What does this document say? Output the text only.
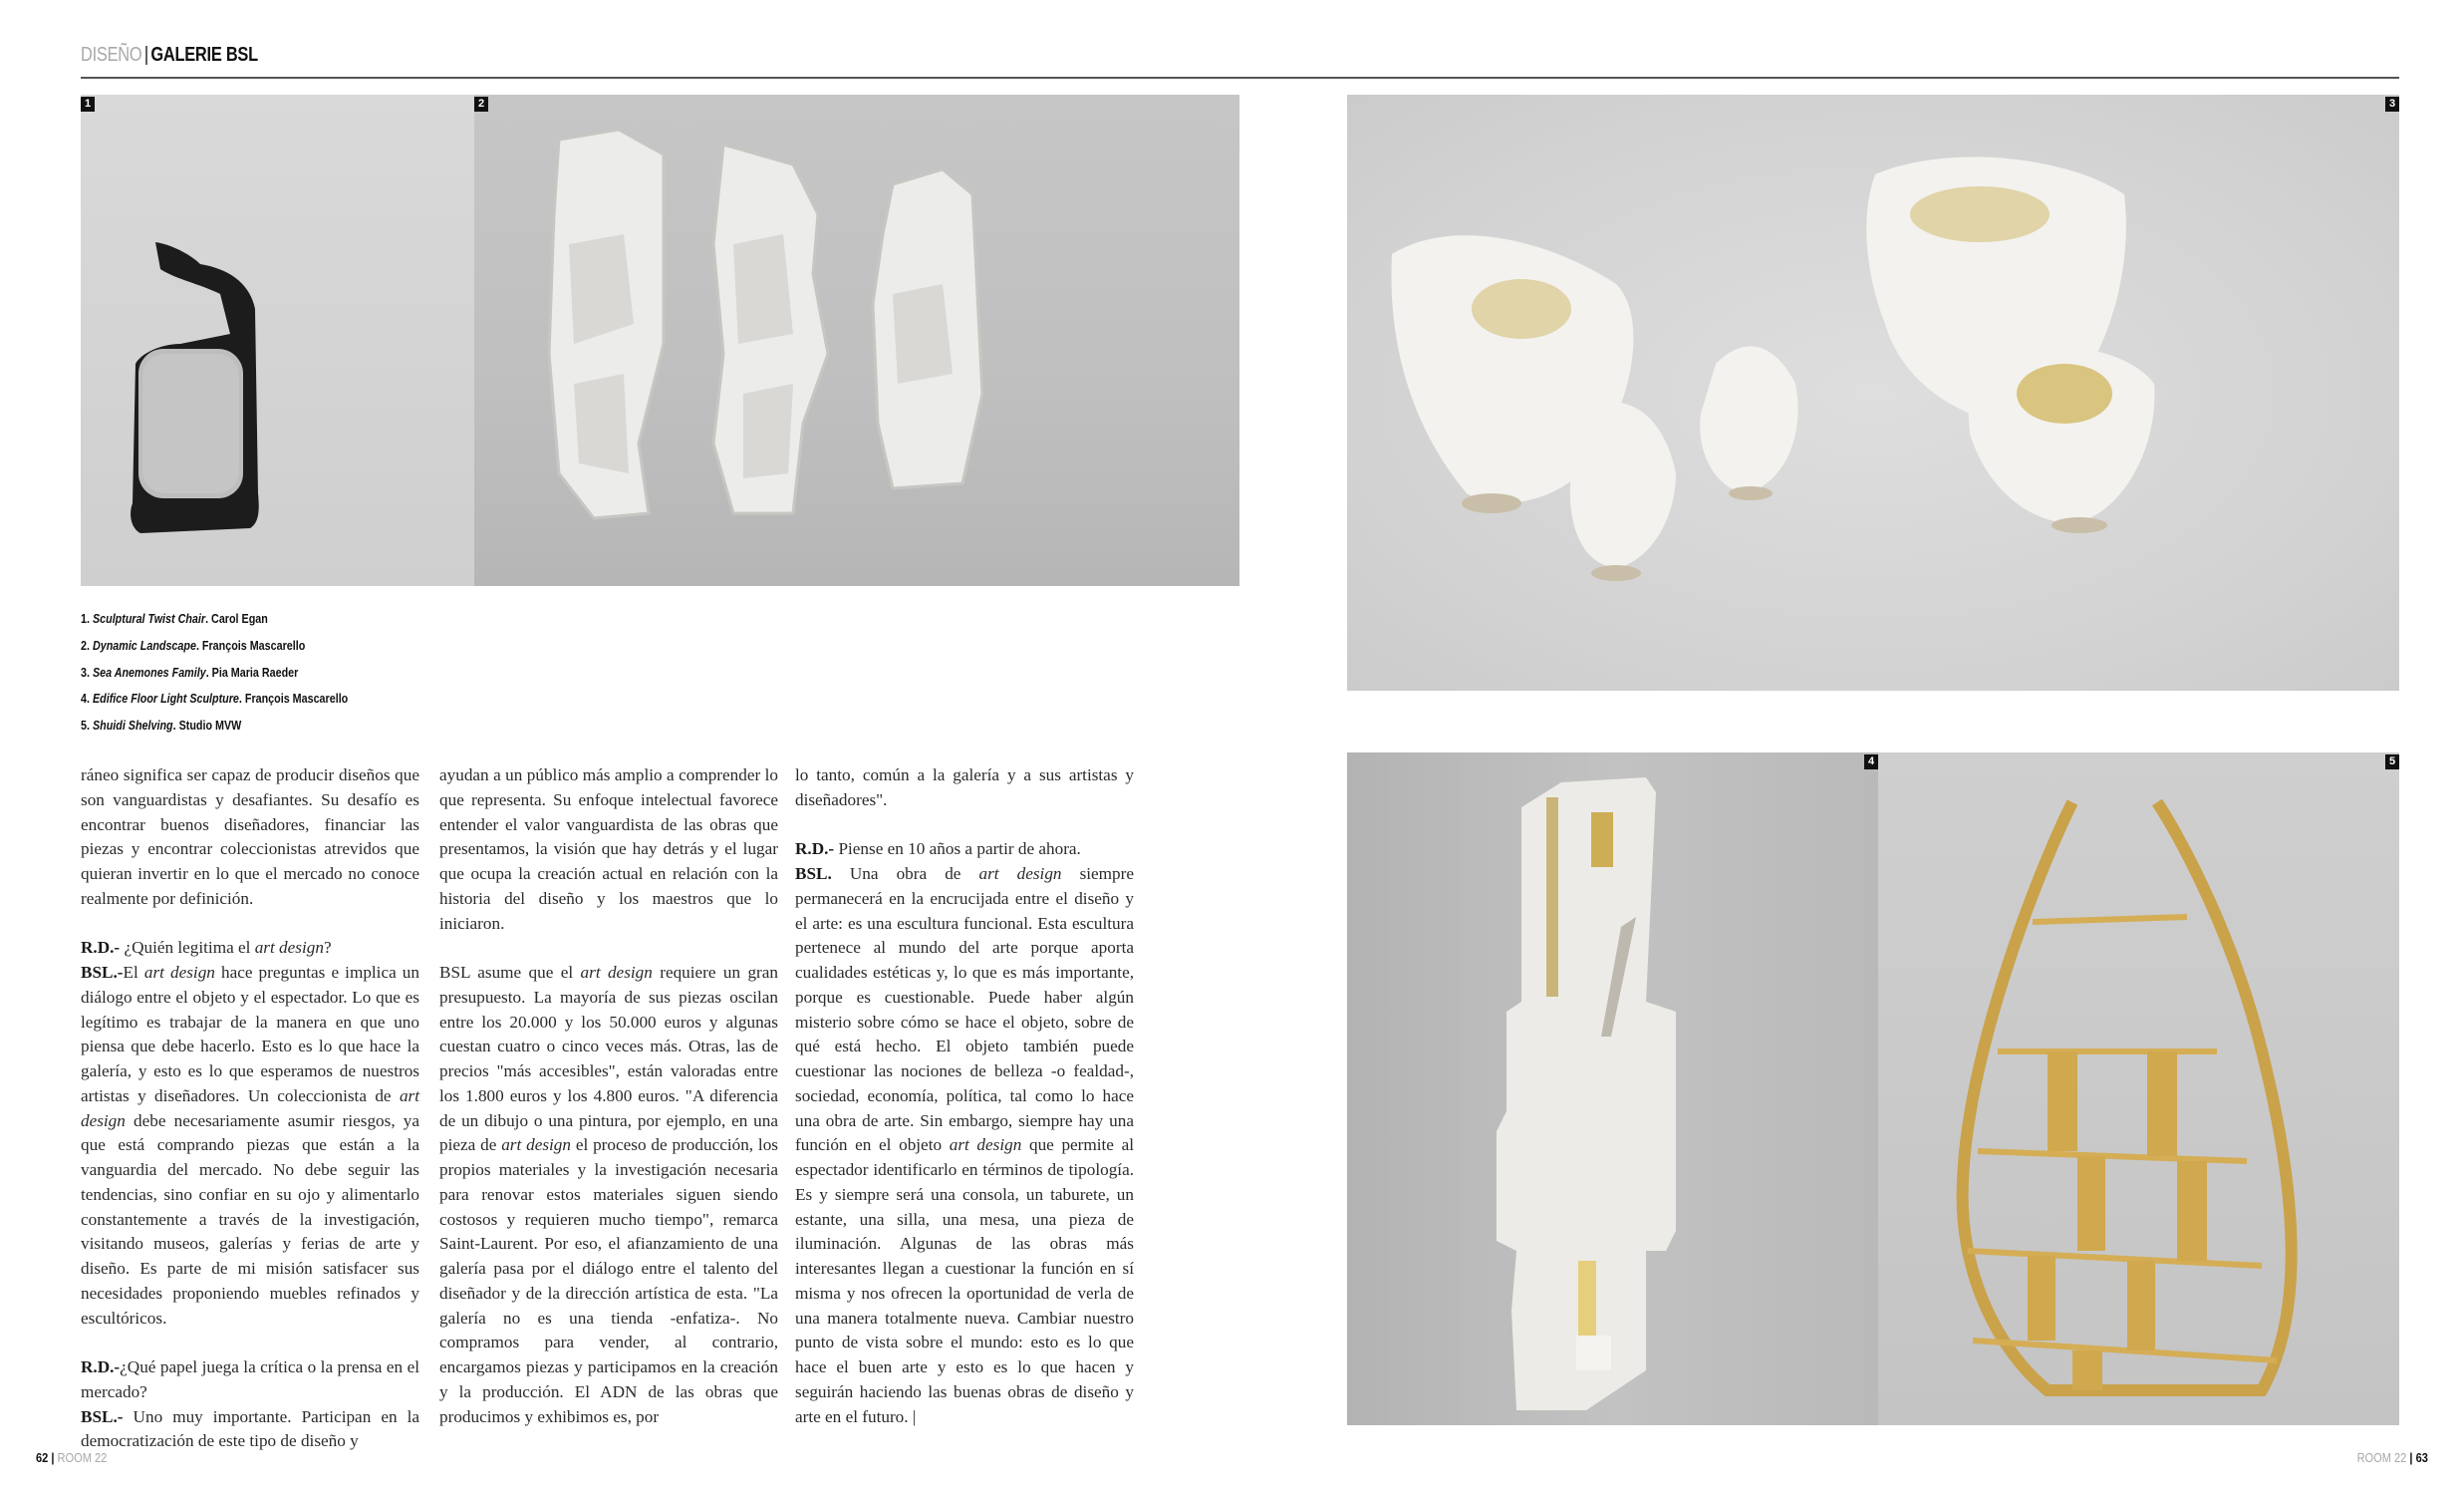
DISEÑO | GALERIE BSL
1	2	3
1. Sculptural Twist Chair. Carol Egan
2. Dynamic Landscape. François Mascarello
3. Sea Anemones Family. Pia Maria Raeder
4. Edifice Floor Light Sculpture. François Mascarello
5. Shuidi Shelving. Studio MVW

ráneo significa ser capaz de producir diseños que son vanguardistas y desafiantes. Su desafío es encontrar buenos diseñadores, financiar las piezas y encontrar coleccionistas atrevidos que quieran invertir en lo que el mercado no conoce realmente por definición.

R.D.- ¿Quién legitima el art design?

BSL.-El art design hace preguntas e implica un diálogo entre el objeto y el espectador. Lo que es legítimo es trabajar de la manera en que uno piensa que debe hacerlo. Esto es lo que hace la galería, y esto es lo que esperamos de nuestros artistas y diseñadores. Un coleccionista de art design debe necesariamente asumir riesgos, ya que está comprando piezas que están a la vanguardia del mercado. No debe seguir las tendencias, sino confiar en su ojo y alimentarlo constantemente a través de la investigación, visitando museos, galerías y ferias de arte y diseño. Es parte de mi misión satisfacer sus necesidades proponiendo muebles refinados y escultóricos.

R.D.-¿Qué papel juega la crítica o la prensa en el mercado?

BSL.- Uno muy importante. Participan en la democratización de este tipo de diseño y

ayudan a un público más amplio a comprender lo que representa. Su enfoque intelectual favorece entender el valor vanguardista de las obras que presentamos, la visión que hay detrás y el lugar que ocupa la creación actual en relación con la historia del diseño y los maestros que lo iniciaron.

BSL asume que el art design requiere un gran presupuesto. La mayoría de sus piezas oscilan entre los 20.000 y los 50.000 euros y algunas cuestan cuatro o cinco veces más. Otras, las de precios "más accesibles", están valoradas entre los 1.800 euros y los 4.800 euros. "A diferencia de un dibujo o una pintura, por ejemplo, en una pieza de art design el proceso de producción, los propios materiales y la investigación necesaria para renovar estos materiales siguen siendo costosos y requieren mucho tiempo", remarca Saint-Laurent. Por eso, el afianzamiento de una galería pasa por el diálogo entre el talento del diseñador y de la dirección artística de esta. "La galería no es una tienda -enfatiza-. No compramos para vender, al contrario, encargamos piezas y participamos en la creación y la producción. El ADN de las obras que producimos y exhibimos es, por

lo tanto, común a la galería y a sus artistas y diseñadores".

R.D.- Piense en 10 años a partir de ahora.

BSL. Una obra de art design siempre permanecerá en la encrucijada entre el diseño y el arte: es una escultura funcional. Esta escultura pertenece al mundo del arte porque aporta cualidades estéticas y, lo que es más importante, porque es cuestionable. Puede haber algún misterio sobre cómo se hace el objeto, sobre de qué está hecho. El objeto también puede cuestionar las nociones de belleza -o fealdad-, sociedad, economía, política, tal como lo hace una obra de arte. Sin embargo, siempre hay una función en el objeto art design que permite al espectador identificarlo en términos de tipología. Es y siempre será una consola, un taburete, un estante, una silla, una mesa, una pieza de iluminación. Algunas de las obras más interesantes llegan a cuestionar la función en sí misma y nos ofrecen la oportunidad de verla de una manera totalmente nueva. Cambiar nuestro punto de vista sobre el mundo: esto es lo que hace el buen arte y esto es lo que hacen y seguirán haciendo las buenas obras de diseño y arte en el futuro. |

4	5
62 | ROOM 22	ROOM 22 | 63
